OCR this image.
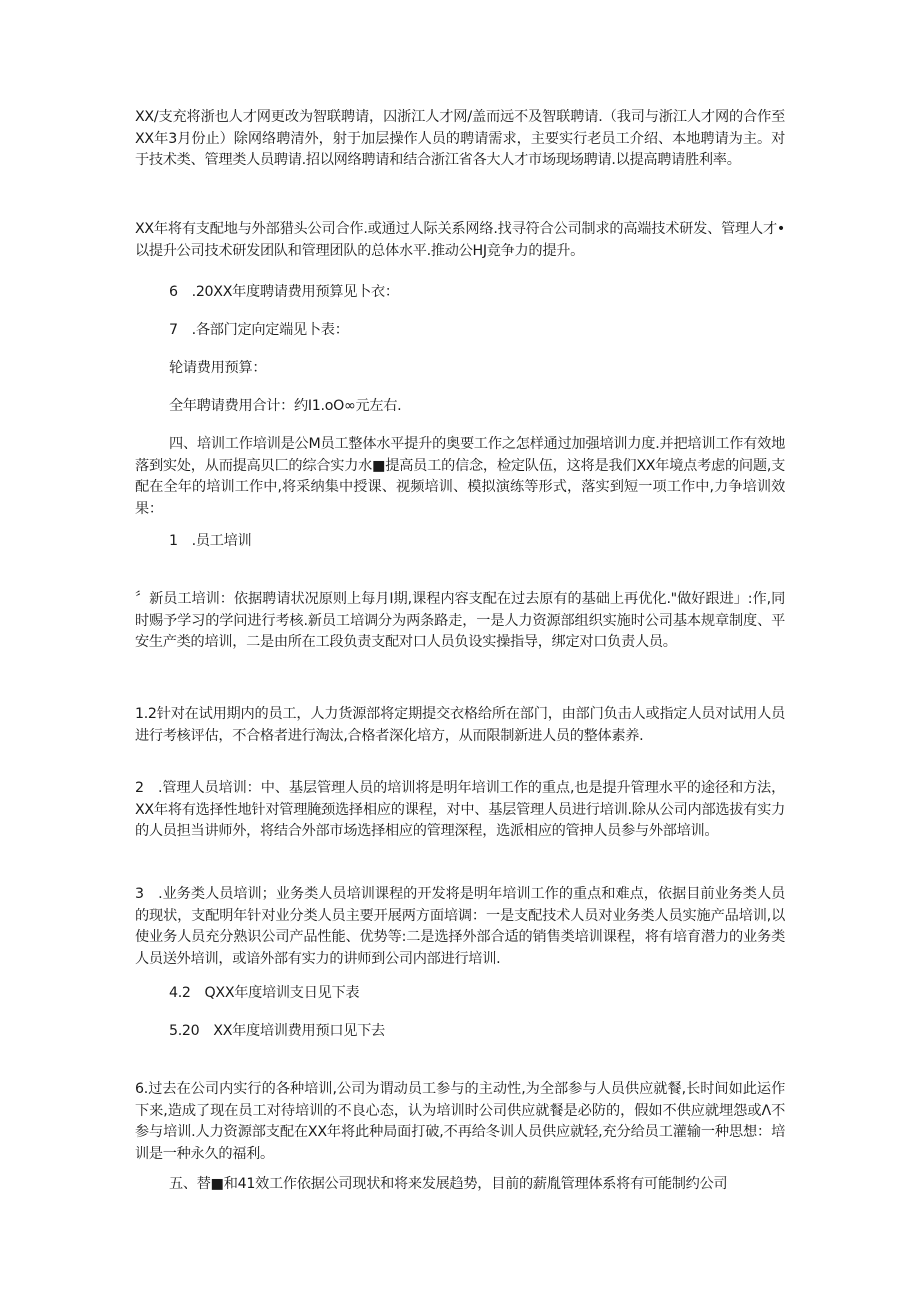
XX/支充将浙也人才网更改为智联聘请，囚浙江人才网/盖而远不及智联聘请.（我司与浙江人才网的合作至XX年3月份止）除网络聘清外，射于加层操作人员的聘请需求，主要实行老员工介绍、本地聘请为主。对于技术类、管理类人员聘请.招以网络聘请和结合浙江省各大人才市场现场聘请.以提高聘请胜利率。

XX年将有支配地与外部猎头公司合作.或通过人际关系网络.找寻符合公司制求的高端技术研发、管理人才•以提升公司技术研发团队和管理团队的总体水平.推动公HJ竞争力的提升。

6　.20XX年度聘请费用预算见卜衣：

7　.各部门定向定端见卜表：

轮请费用预算：

全年聘请费用合计：约I1.oO∞元左右.

四、培训工作培训是公M员工整体水平提升的奥要工作之怎样通过加强培训力度.并把培训工作有效地落到实处，从而提高贝匚的综合实力水■提高员工的信念，检定队伍，这将是我们XX年境点考虑的问题,支配在全年的培训工作中,将采纳集中授课、视频培训、模拟演练等形式，落实到短一项工作中,力争培训效果：

1　.员工培训

〞新员工培训：依据聘请状况原则上每月I期,课程内容支配在过去原有的基础上再优化."做好跟进」:作,同时赐予学习的学问进行考核.新员工培调分为两条路走，一是人力资源部组织实施时公司基本规章制度、平安生产类的培训，二是由所在工段负责支配对口人员负设实操指导，绑定对口负责人员。

1.2针对在试用期内的员工，人力货源部将定期提交衣格给所在部门，由部门负击人或指定人员对试用人员进行考核评估，不合格者进行淘汰,合格者深化培方，从而限制新进人员的整体素养.

2　.管理人员培训：中、基层管理人员的培训将是明年培训工作的重点,也是提升管理水平的途径和方法，XX年将有选择性地针对管理腌颈选择相应的课程，对中、基层管理人员进行培训.除从公司内部选拔有实力的人员担当讲师外，将结合外部市场选择相应的管理深程，选派相应的管抻人员参与外部培训。

3　.业务类人员培训；业务类人员培训课程的开发将是明年培训工作的重点和难点，依据目前业务类人员的现状，支配明年针对业分类人员主要开展两方面培调：一是支配技术人员对业务类人员实施产品培训,以使业务人员充分熟识公司产品性能、优势等:二是选择外部合适的销售类培训课程，将有培育潜力的业务类人员送外培训，或谙外部有实力的讲师到公司内部进行培训.

4.2　QXX年度培训支日见下表

5.20　XX年度培训费用预口见下去

6.过去在公司内实行的各种培训,公司为谓动员工参与的主动性,为全部参与人员供应就餐,长时间如此运作下来,造成了现在员工对待培训的不良心态，认为培训时公司供应就餐是必防的，假如不供应就埋怨或Λ不参与培训.人力资源部支配在XX年将此种局面打破,不再给冬训人员供应就轻,充分给员工灌输一种思想：培训是一种永久的福利。

五、替■和41效工作依据公司现状和将来发展趋势，目前的薪胤管理体系将有可能制约公司
